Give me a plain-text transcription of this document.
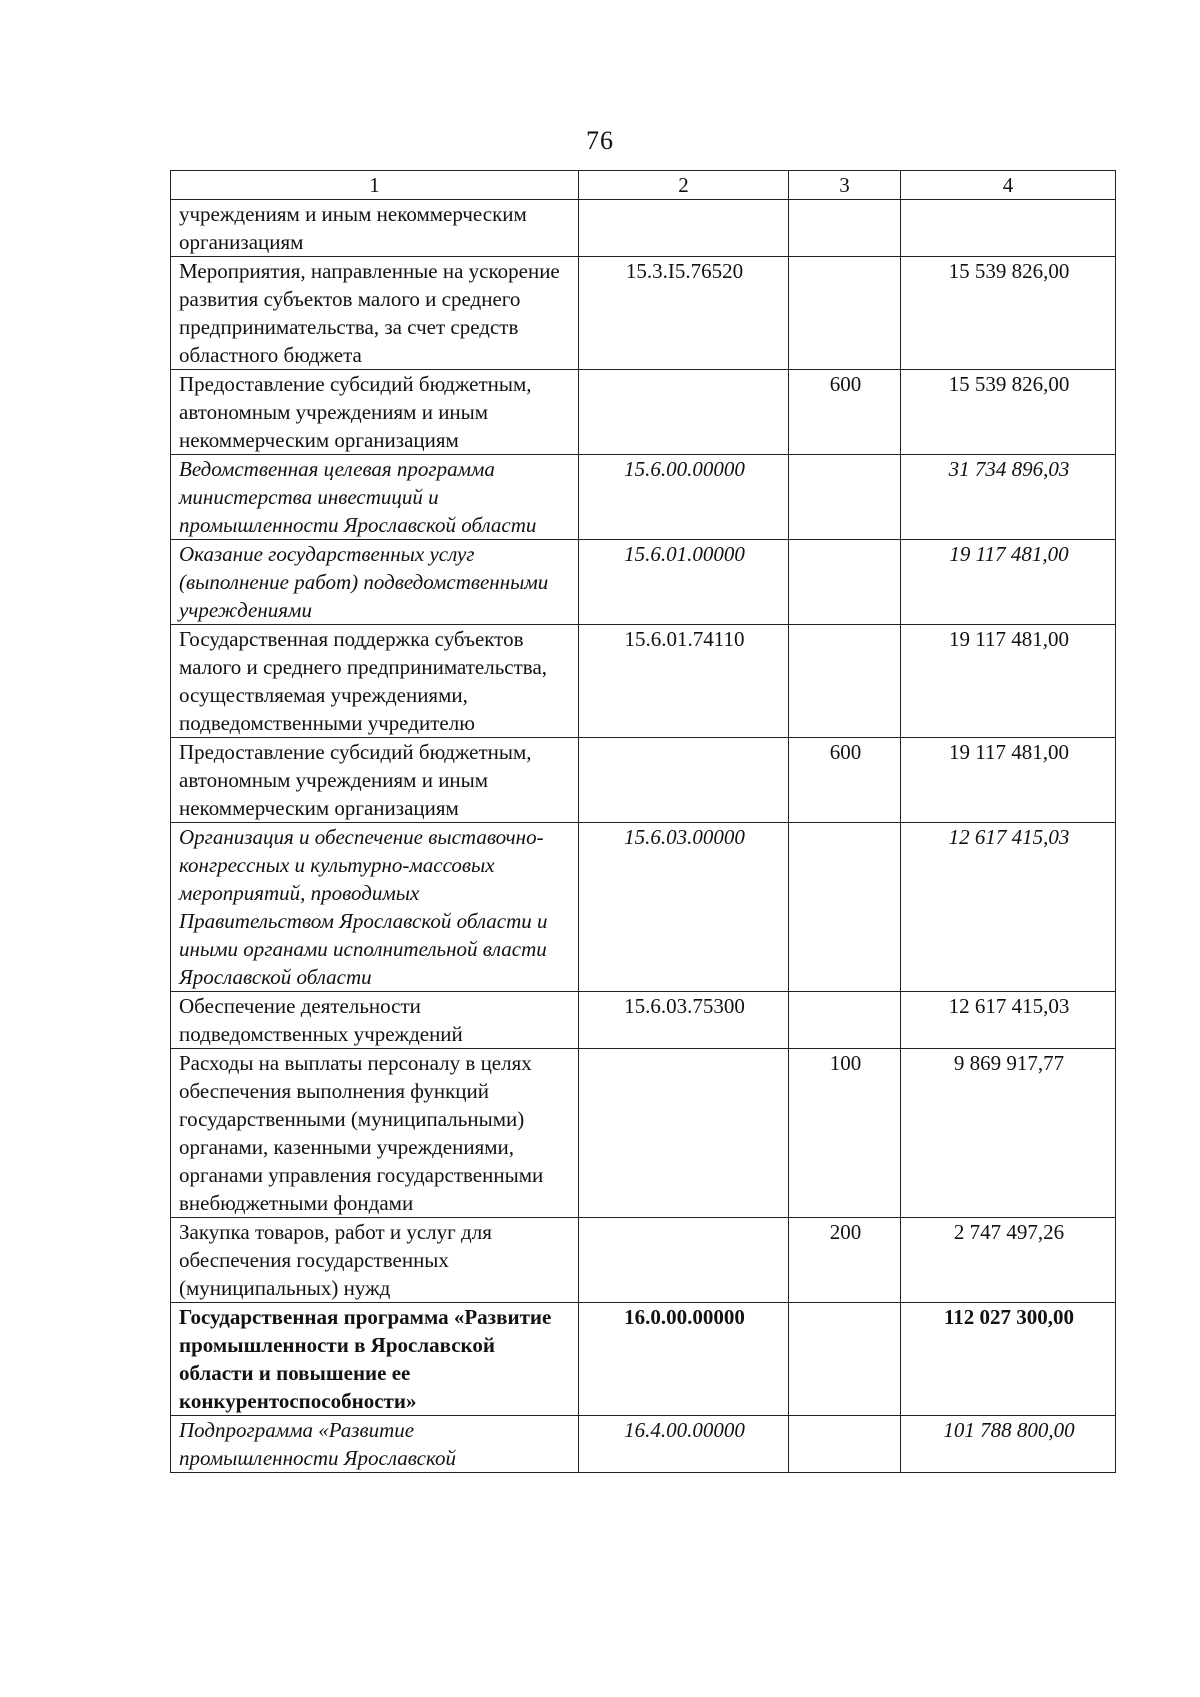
76
1	2	3	4
учреждениям и иным некоммерческим организациям			
Мероприятия, направленные на ускорение развития субъектов малого и среднего предпринимательства, за счет средств областного бюджета	15.3.I5.76520		15 539 826,00
Предоставление субсидий бюджетным, автономным учреждениям и иным некоммерческим организациям		600	15 539 826,00
Ведомственная целевая программа министерства инвестиций и промышленности Ярославской области	15.6.00.00000		31 734 896,03
Оказание государственных услуг (выполнение работ) подведомственными учреждениями	15.6.01.00000		19 117 481,00
Государственная поддержка субъектов малого и среднего предпринимательства, осуществляемая учреждениями, подведомственными учредителю	15.6.01.74110		19 117 481,00
Предоставление субсидий бюджетным, автономным учреждениям и иным некоммерческим организациям		600	19 117 481,00
Организация и обеспечение выставочно-конгрессных и культурно-массовых мероприятий, проводимых Правительством Ярославской области и иными органами исполнительной власти Ярославской области	15.6.03.00000		12 617 415,03
Обеспечение деятельности подведомственных учреждений	15.6.03.75300		12 617 415,03
Расходы на выплаты персоналу в целях обеспечения выполнения функций государственными (муниципальными) органами, казенными учреждениями, органами управления государственными внебюджетными фондами		100	9 869 917,77
Закупка товаров, работ и услуг для обеспечения государственных (муниципальных) нужд		200	2 747 497,26
Государственная программа «Развитие промышленности в Ярославской области и повышение ее конкурентоспособности»	16.0.00.00000		112 027 300,00
Подпрограмма «Развитие промышленности Ярославской	16.4.00.00000		101 788 800,00
